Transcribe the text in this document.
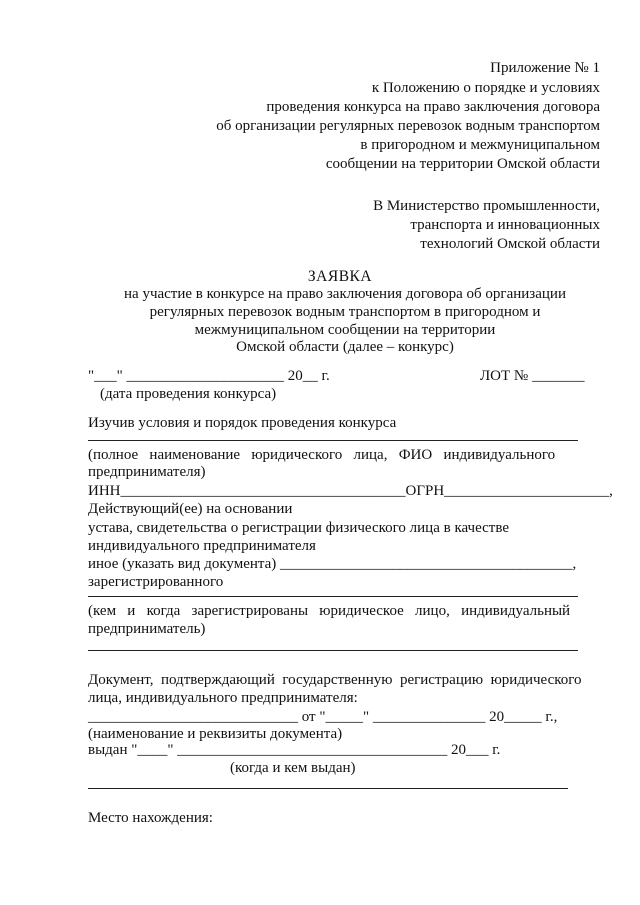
Приложение № 1
к Положению о порядке и условиях
проведения конкурса на право заключения договора
об организации регулярных перевозок водным транспортом
в пригородном и межмуниципальном
сообщении на территории Омской области
В Министерство промышленности,
транспорта и инновационных
технологий Омской области
ЗАЯВКА
на участие в конкурсе на право заключения договора об организации
регулярных перевозок водным транспортом в пригородном и
межмуниципальном сообщении на территории
Омской области (далее – конкурс)
"___" _____________________ 20__ г.	ЛОТ № _______
(дата проведения конкурса)
Изучив условия и порядок проведения конкурса
(полное   наименование   юридического   лица,   ФИО   индивидуального
предпринимателя)
ИНН______________________________________ОГРН______________________,
Действующий(ее) на основании
устава, свидетельства о регистрации физического лица в качестве
индивидуального предпринимателя
иное (указать вид документа) _______________________________________,
зарегистрированного
(кем   и   когда   зарегистрированы   юридическое   лицо,   индивидуальный
предприниматель)
Документ,  подтверждающий  государственную  регистрацию  юридического
лица, индивидуального предпринимателя:
____________________________ от "_____" _______________ 20_____ г.,
(наименование и реквизиты документа)
выдан "____" ____________________________________ 20___ г.
(когда и кем выдан)
Место нахождения:
